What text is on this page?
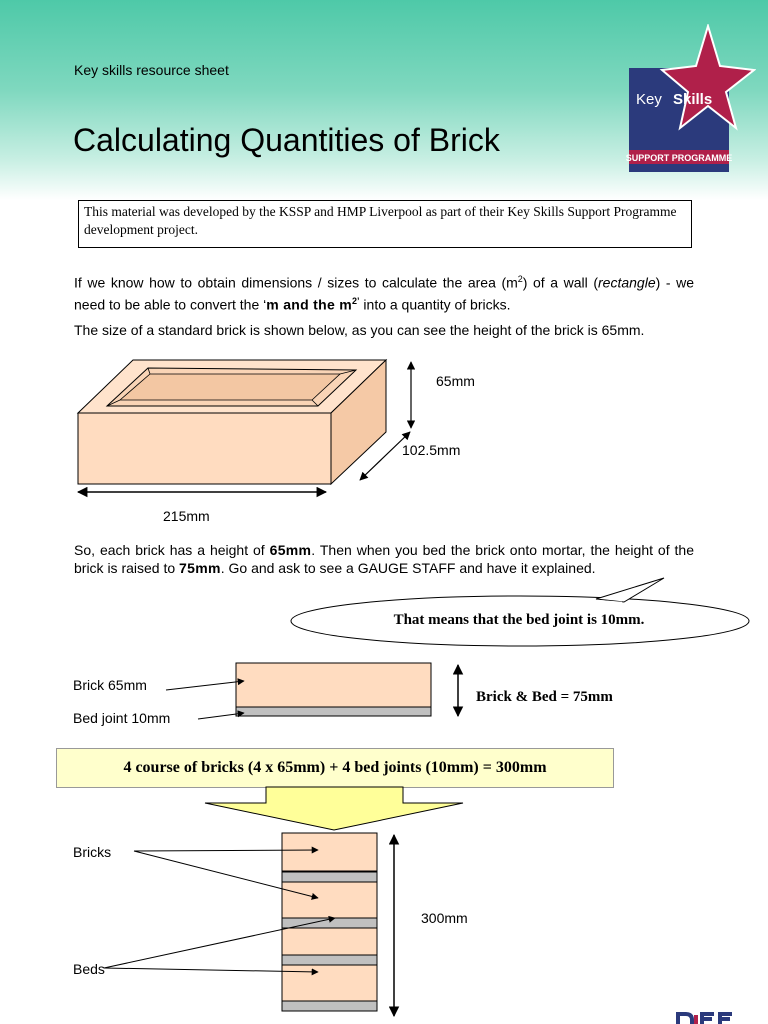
Key skills resource sheet
Calculating Quantities of Brick
Key Skills
SUPPORT PROGRAMME
This material was developed by the KSSP and HMP Liverpool as part of their Key Skills Support Programme development project.
If we know how to obtain dimensions / sizes to calculate the area $(m^2)$ of a wall (rectangle) - we need to be able to convert the ‘m and the $m^{2’}$ into a quantity of bricks.
The size of a standard brick is shown below, as you can see the height of the brick is 65mm.
65mm
102.5mm
215mm
So, each brick has a height of 65mm. Then when you bed the brick onto mortar, the height of the brick is raised to 75mm. Go and ask to see a GAUGE STAFF and have it explained.
That means that the bed joint is 10mm.
Brick 65mm
Bed joint 10mm
Brick & Bed = 75mm
4 course of bricks (4 x 65mm) + 4 bed joints (10mm) = 300mm
Bricks
Beds
300mm
